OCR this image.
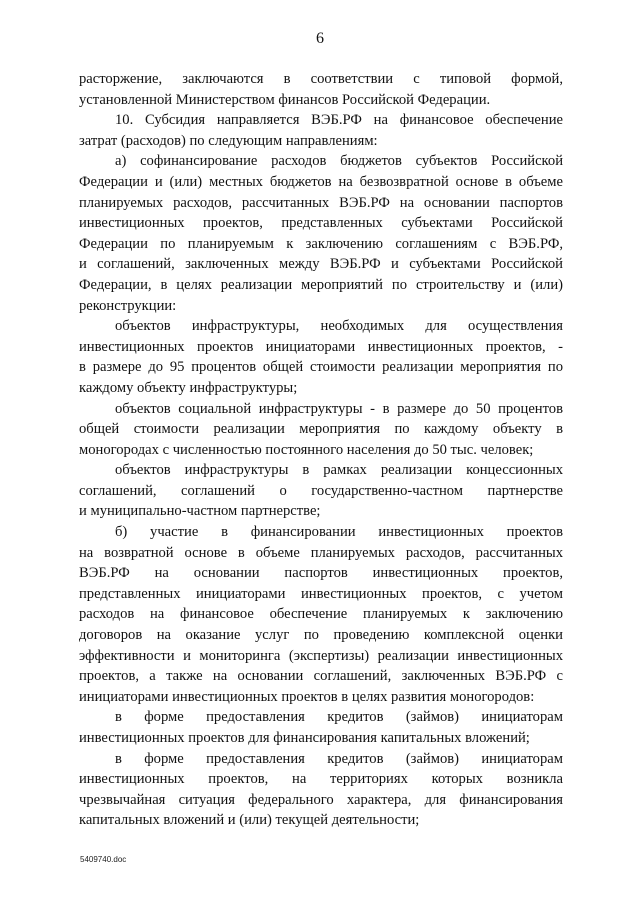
6
расторжение, заключаются в соответствии с типовой формой,
установленной Министерством финансов Российской Федерации.
10. Субсидия направляется ВЭБ.РФ на финансовое обеспечение
затрат (расходов) по следующим направлениям:
а) софинансирование расходов бюджетов субъектов Российской
Федерации и (или) местных бюджетов на безвозвратной основе в объеме
планируемых расходов, рассчитанных ВЭБ.РФ на основании паспортов
инвестиционных проектов, представленных субъектами Российской
Федерации по планируемым к заключению соглашениям с ВЭБ.РФ,
и соглашений, заключенных между ВЭБ.РФ и субъектами Российской
Федерации, в целях реализации мероприятий по строительству и (или)
реконструкции:
объектов инфраструктуры, необходимых для осуществления
инвестиционных проектов инициаторами инвестиционных проектов, -
в размере до 95 процентов общей стоимости реализации мероприятия по
каждому объекту инфраструктуры;
объектов социальной инфраструктуры - в размере до 50 процентов
общей стоимости реализации мероприятия по каждому объекту в
моногородах с численностью постоянного населения до 50 тыс. человек;
объектов инфраструктуры в рамках реализации концессионных
соглашений, соглашений о государственно-частном партнерстве
и муниципально-частном партнерстве;
б) участие в финансировании инвестиционных проектов
на возвратной основе в объеме планируемых расходов, рассчитанных
ВЭБ.РФ на основании паспортов инвестиционных проектов,
представленных инициаторами инвестиционных проектов, с учетом
расходов на финансовое обеспечение планируемых к заключению
договоров на оказание услуг по проведению комплексной оценки
эффективности и мониторинга (экспертизы) реализации инвестиционных
проектов, а также на основании соглашений, заключенных ВЭБ.РФ с
инициаторами инвестиционных проектов в целях развития моногородов:
в форме предоставления кредитов (займов) инициаторам
инвестиционных проектов для финансирования капитальных вложений;
в форме предоставления кредитов (займов) инициаторам
инвестиционных проектов, на территориях которых возникла
чрезвычайная ситуация федерального характера, для финансирования
капитальных вложений и (или) текущей деятельности;
5409740.doc
